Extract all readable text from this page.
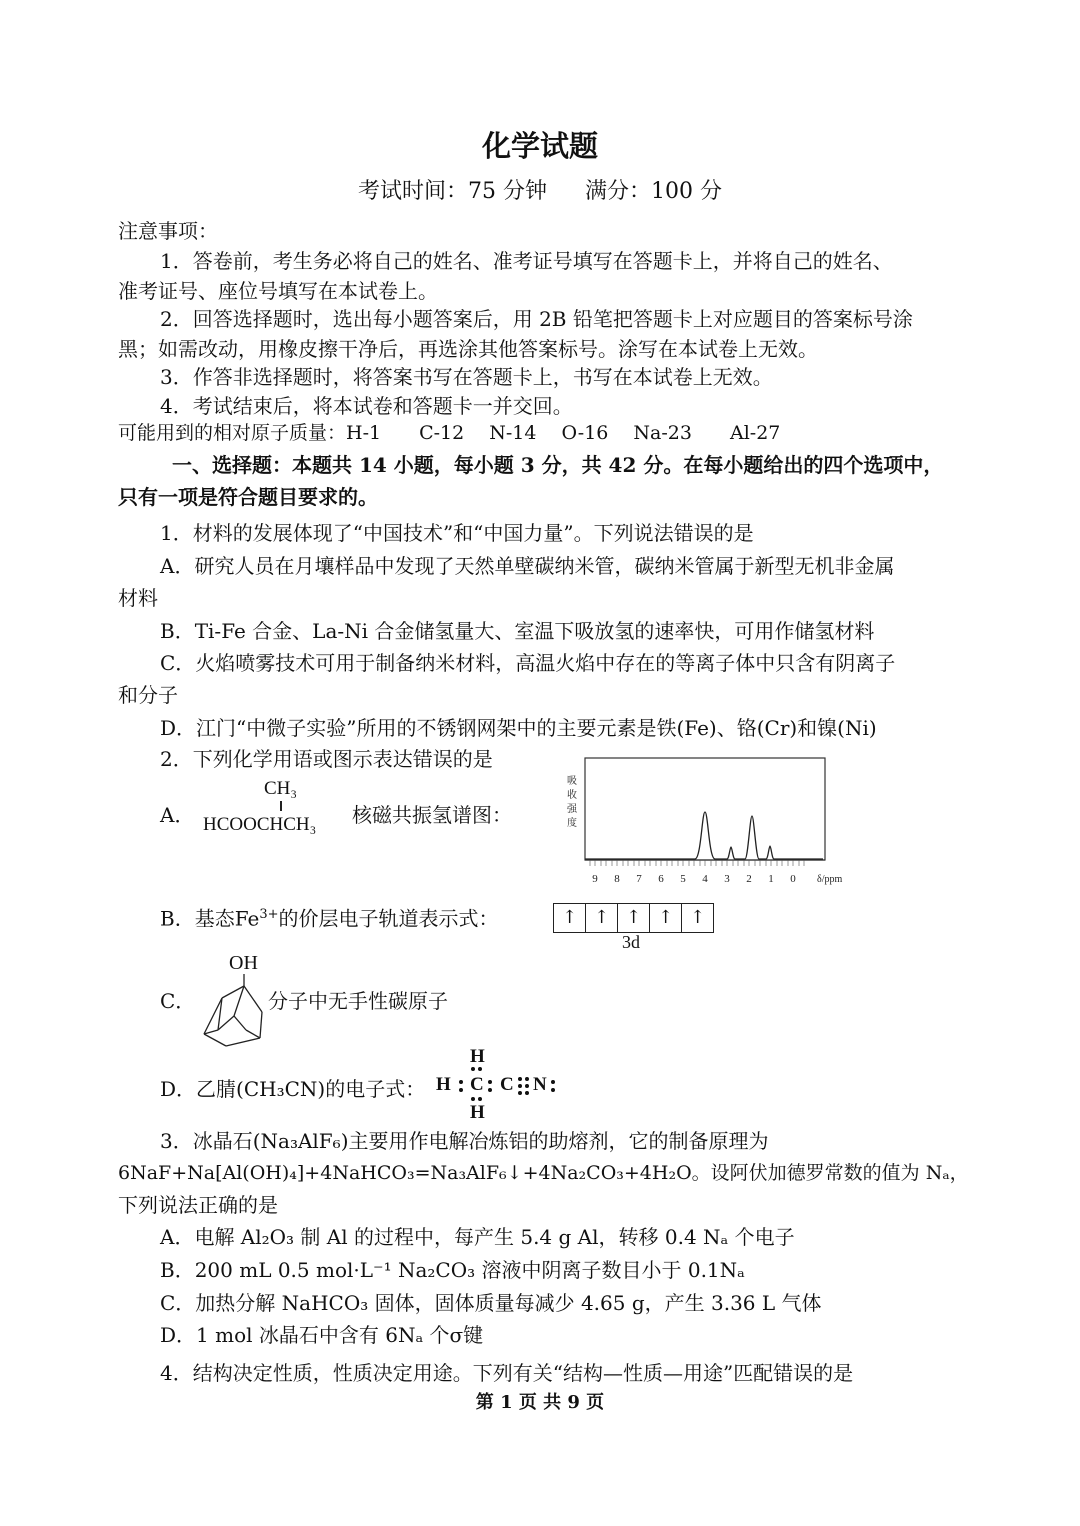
化学试题
考试时间：75 分钟 满分：100 分
注意事项：
1．答卷前，考生务必将自己的姓名、准考证号填写在答题卡上，并将自己的姓名、
准考证号、座位号填写在本试卷上。
2．回答选择题时，选出每小题答案后，用 2B 铅笔把答题卡上对应题目的答案标号涂
黑；如需改动，用橡皮擦干净后，再选涂其他答案标号。涂写在本试卷上无效。
3．作答非选择题时，将答案书写在答题卡上，书写在本试卷上无效。
4．考试结束后，将本试卷和答题卡一并交回。
可能用到的相对原子质量：H-1　　C-12　 N-14　 O-16　 Na-23　　Al-27
一、选择题：本题共 14 小题，每小题 3 分，共 42 分。在每小题给出的四个选项中，
只有一项是符合题目要求的。
1．材料的发展体现了“中国技术”和“中国力量”。下列说法错误的是
A．研究人员在月壤样品中发现了天然单壁碳纳米管，碳纳米管属于新型无机非金属
材料
B．Ti-Fe 合金、La-Ni 合金储氢量大、室温下吸放氢的速率快，可用作储氢材料
C．火焰喷雾技术可用于制备纳米材料，高温火焰中存在的等离子体中只含有阴离子
和分子
D．江门“中微子实验”所用的不锈钢网架中的主要元素是铁(Fe)、铬(Cr)和镍(Ni)
2．下列化学用语或图示表达错误的是
A．
CH₃
HCOOCHCH₃ 核磁共振氢谱图：
吸
收
强
度
9 8 7 6 5 4 3 2 1 0 δ/ppm
B．基态$Fe^{3+}$的价层电子轨道表示式：	↑ ↑ ↑ ↑ ↑
3d
C．
OH
分子中无手性碳原子
D．乙腈(CH₃CN)的电子式：
H
H C C N
H
3．冰晶石(Na₃AlF₆)主要用作电解冶炼铝的助熔剂，它的制备原理为
6NaF+Na[Al(OH)₄]+4NaHCO₃=Na₃AlF₆↓+4Na₂CO₃+4H₂O。设阿伏加德罗常数的值为 Nₐ，
下列说法正确的是
A．电解 Al₂O₃ 制 Al 的过程中，每产生 5.4 g Al，转移 0.4 Nₐ 个电子
B．200 mL 0.5 mol·L⁻¹ Na₂CO₃ 溶液中阴离子数目小于 0.1Nₐ
C．加热分解 NaHCO₃ 固体，固体质量每减少 4.65 g，产生 3.36 L 气体
D．1 mol 冰晶石中含有 6Nₐ 个σ键
4．结构决定性质，性质决定用途。下列有关“结构—性质—用途”匹配错误的是
第 1 页 共 9 页
